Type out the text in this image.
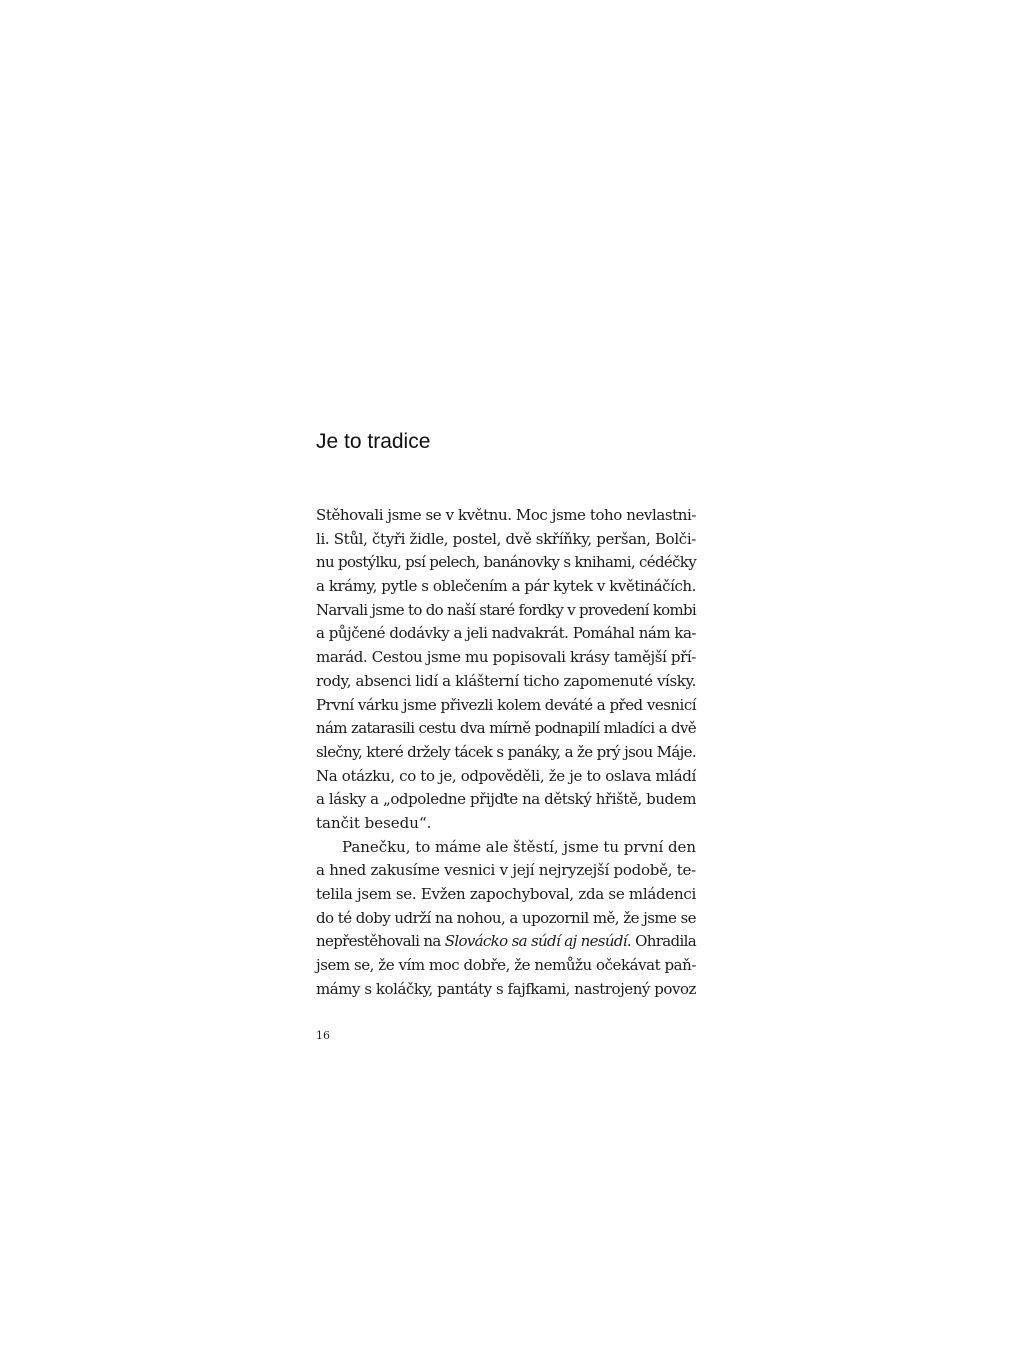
Je to tradice
Stěhovali jsme se v květnu. Moc jsme toho nevlastni-
li. Stůl, čtyři židle, postel, dvě skříňky, peršan, Bolči-
nu postýlku, psí pelech, banánovky s knihami, cédéčky
a krámy, pytle s oblečením a pár kytek v květináčích.
Narvali jsme to do naší staré fordky v provedení kombi
a půjčené dodávky a jeli nadvakrát. Pomáhal nám ka-
marád. Cestou jsme mu popisovali krásy tamější pří-
rody, absenci lidí a klášterní ticho zapomenuté vísky.
První várku jsme přivezli kolem deváté a před vesnicí
nám zatarasili cestu dva mírně podnapilí mladíci a dvě
slečny, které držely tácek s panáky, a že prý jsou Máje.
Na otázku, co to je, odpověděli, že je to oslava mládí
a lásky a „odpoledne přijďte na dětský hřiště, budem
tančit besedu“.
Panečku, to máme ale štěstí, jsme tu první den
a hned zakusíme vesnici v její nejryzejší podobě, te-
telila jsem se. Evžen zapochyboval, zda se mládenci
do té doby udrží na nohou, a upozornil mě, že jsme se
nepřestěhovali na Slovácko sa súdí aj nesúdí. Ohradila
jsem se, že vím moc dobře, že nemůžu očekávat paň-
mámy s koláčky, pantáty s fajfkami, nastrojený povoz
16
